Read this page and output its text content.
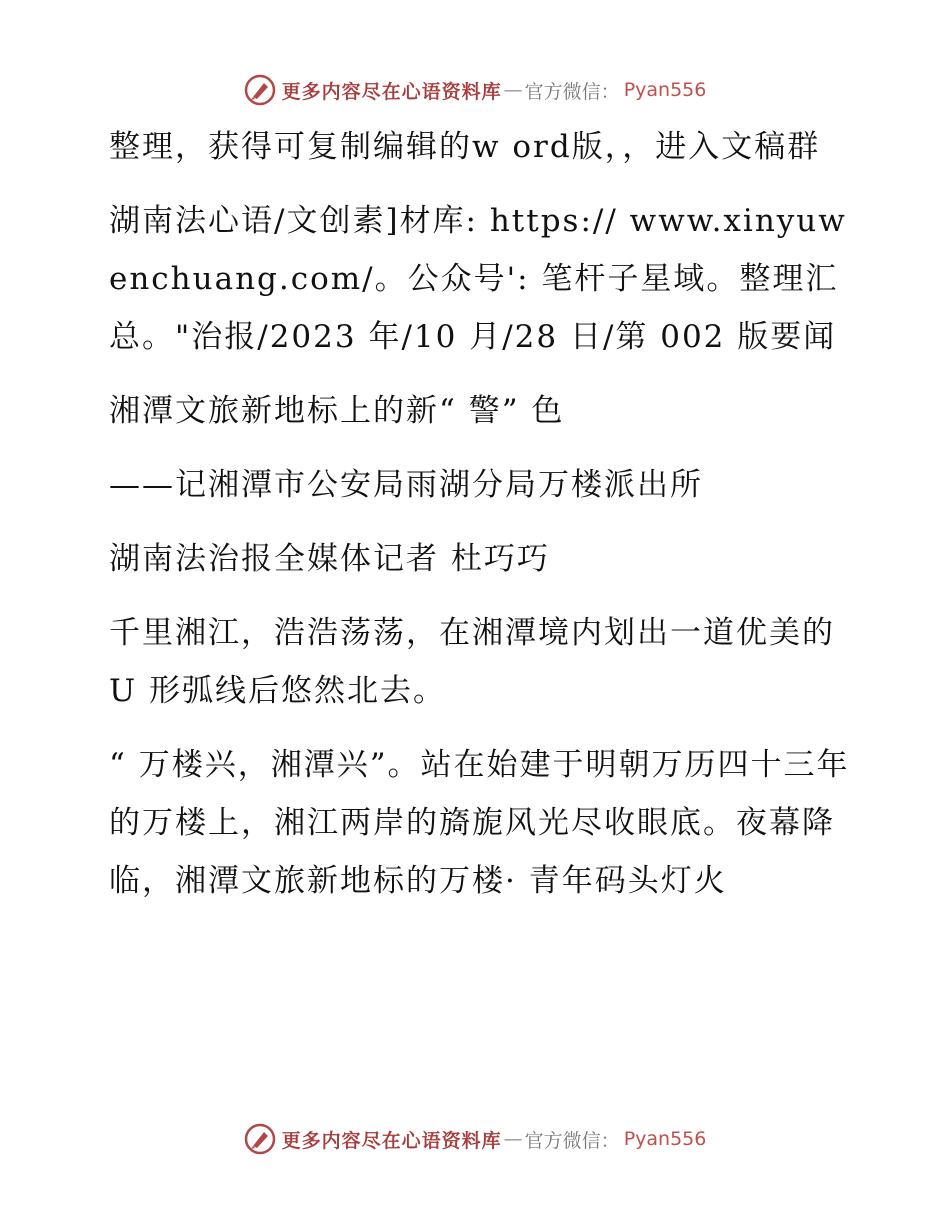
更多内容尽在心语资料库 — 官方微信： Pyan556

整理，获得可复制编辑的w ord版，，进入文稿群

湖南法心语/文创素]材库: https:// www.xinyuwenchuang.com/。公众号': 笔杆子星域。整理汇总。"治报/2023 年/10 月/28 日/第 002 版要闻

湘潭文旅新地标上的新“ 警” 色

——记湘潭市公安局雨湖分局万楼派出所

湖南法治报全媒体记者 杜巧巧

千里湘江，浩浩荡荡，在湘潭境内划出一道优美的 U 形弧线后悠然北去。

“ 万楼兴，湘潭兴”。站在始建于明朝万历四十三年的万楼上，湘江两岸的旖旎风光尽收眼底。夜幕降临，湘潭文旅新地标的万楼· 青年码头灯火

更多内容尽在心语资料库 — 官方微信： Pyan556
